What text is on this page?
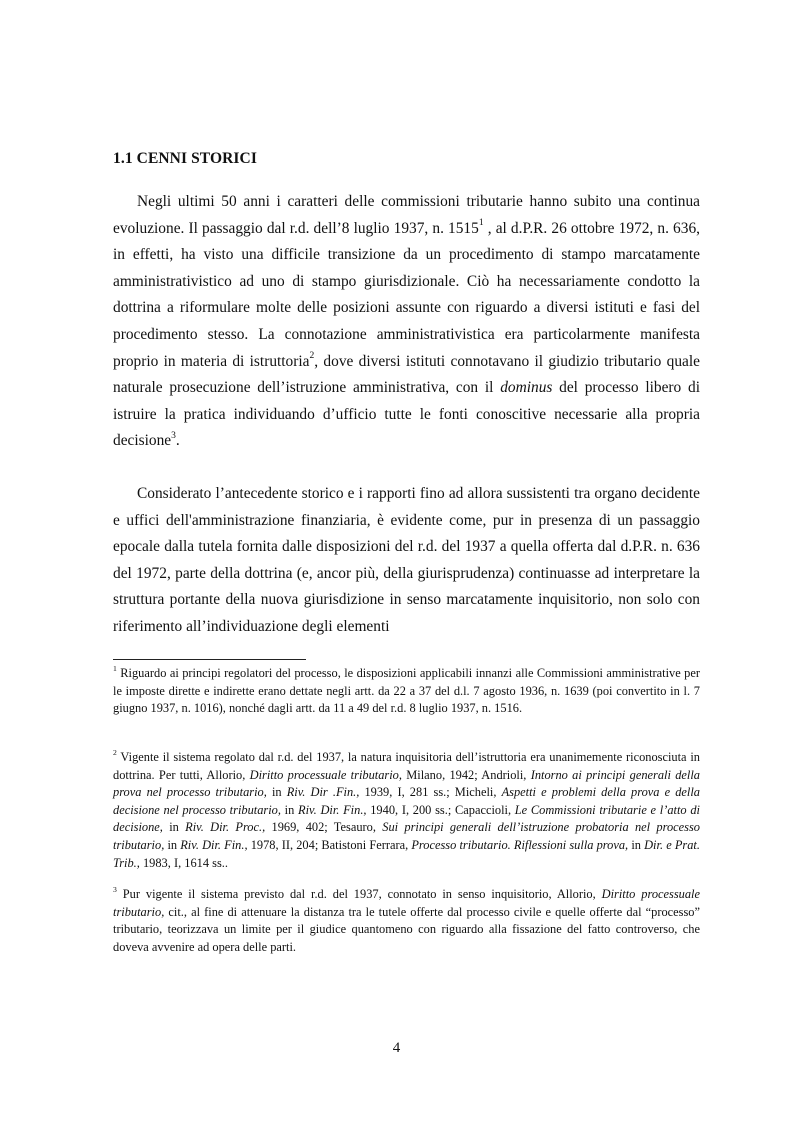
1.1 CENNI STORICI

Negli ultimi 50 anni i caratteri delle commissioni tributarie hanno subito una continua evoluzione. Il passaggio dal r.d. dell’8 luglio 1937, n. 1515$^1$ , al d.P.R. 26 ottobre 1972, n. 636, in effetti, ha visto una difficile transizione da un procedimento di stampo marcatamente amministrativistico ad uno di stampo giurisdizionale. Ciò ha necessariamente condotto la dottrina a riformulare molte delle posizioni assunte con riguardo a diversi istituti e fasi del procedimento stesso. La connotazione amministrativistica era particolarmente manifesta proprio in materia di istruttoria$^2$, dove diversi istituti connotavano il giudizio tributario quale naturale prosecuzione dell’istruzione amministrativa, con il dominus del processo libero di istruire la pratica individuando d’ufficio tutte le fonti conoscitive necessarie alla propria decisione$^3$.

Considerato l’antecedente storico e i rapporti fino ad allora sussistenti tra organo decidente e uffici dell'amministrazione finanziaria, è evidente come, pur in presenza di un passaggio epocale dalla tutela fornita dalle disposizioni del r.d. del 1937 a quella offerta dal d.P.R. n. 636 del 1972, parte della dottrina (e, ancor più, della giurisprudenza) continuasse ad interpretare la struttura portante della nuova giurisdizione in senso marcatamente inquisitorio, non solo con riferimento all’individuazione degli elementi

$^1$ Riguardo ai principi regolatori del processo, le disposizioni applicabili innanzi alle Commissioni amministrative per le imposte dirette e indirette erano dettate negli artt. da 22 a 37 del d.l. 7 agosto 1936, n. 1639 (poi convertito in l. 7 giugno 1937, n. 1016), nonché dagli artt. da 11 a 49 del r.d. 8 luglio 1937, n. 1516.

$^2$ Vigente il sistema regolato dal r.d. del 1937, la natura inquisitoria dell’istruttoria era unanimemente riconosciuta in dottrina. Per tutti, Allorio, Diritto processuale tributario, Milano, 1942; Andrioli, Intorno ai principi generali della prova nel processo tributario, in Riv. Dir .Fin., 1939, I, 281 ss.; Micheli, Aspetti e problemi della prova e della decisione nel processo tributario, in Riv. Dir. Fin., 1940, I, 200 ss.; Capaccioli, Le Commissioni tributarie e l’atto di decisione, in Riv. Dir. Proc., 1969, 402; Tesauro, Sui principi generali dell’istruzione probatoria nel processo tributario, in Riv. Dir. Fin., 1978, II, 204; Batistoni Ferrara, Processo tributario. Riflessioni sulla prova, in Dir. e Prat. Trib., 1983, I, 1614 ss..

$^3$ Pur vigente il sistema previsto dal r.d. del 1937, connotato in senso inquisitorio, Allorio, Diritto processuale tributario, cit., al fine di attenuare la distanza tra le tutele offerte dal processo civile e quelle offerte dal “processo” tributario, teorizzava un limite per il giudice quantomeno con riguardo alla fissazione del fatto controverso, che doveva avvenire ad opera delle parti.

4
